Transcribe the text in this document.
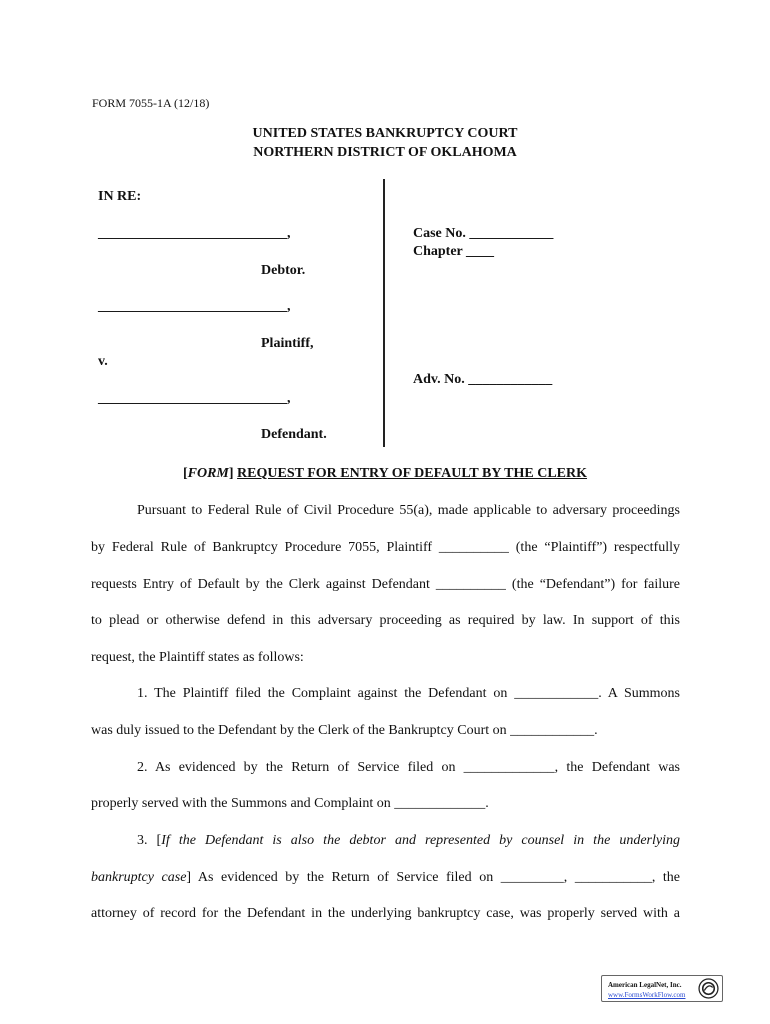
FORM 7055-1A (12/18)
UNITED STATES BANKRUPTCY COURT
NORTHERN DISTRICT OF OKLAHOMA
IN RE:
___________________________,
Debtor.
___________________________,
Plaintiff,
v.
___________________________,
Defendant.
Case No. ____________
Chapter ____
Adv. No. ____________
[FORM] REQUEST FOR ENTRY OF DEFAULT BY THE CLERK
Pursuant to Federal Rule of Civil Procedure 55(a), made applicable to adversary proceedings
by Federal Rule of Bankruptcy Procedure 7055, Plaintiff __________ (the “Plaintiff”) respectfully
requests Entry of Default by the Clerk against Defendant __________ (the “Defendant”) for failure
to plead or otherwise defend in this adversary proceeding as required by law. In support of this
request, the Plaintiff states as follows:
1. The Plaintiff filed the Complaint against the Defendant on ____________. A Summons
was duly issued to the Defendant by the Clerk of the Bankruptcy Court on ____________.
2. As evidenced by the Return of Service filed on _____________, the Defendant was
properly served with the Summons and Complaint on _____________.
3. [If the Defendant is also the debtor and represented by counsel in the underlying
bankruptcy case] As evidenced by the Return of Service filed on _________, ___________, the
attorney of record for the Defendant in the underlying bankruptcy case, was properly served with a
American LegalNet, Inc.
www.FormsWorkFlow.com
